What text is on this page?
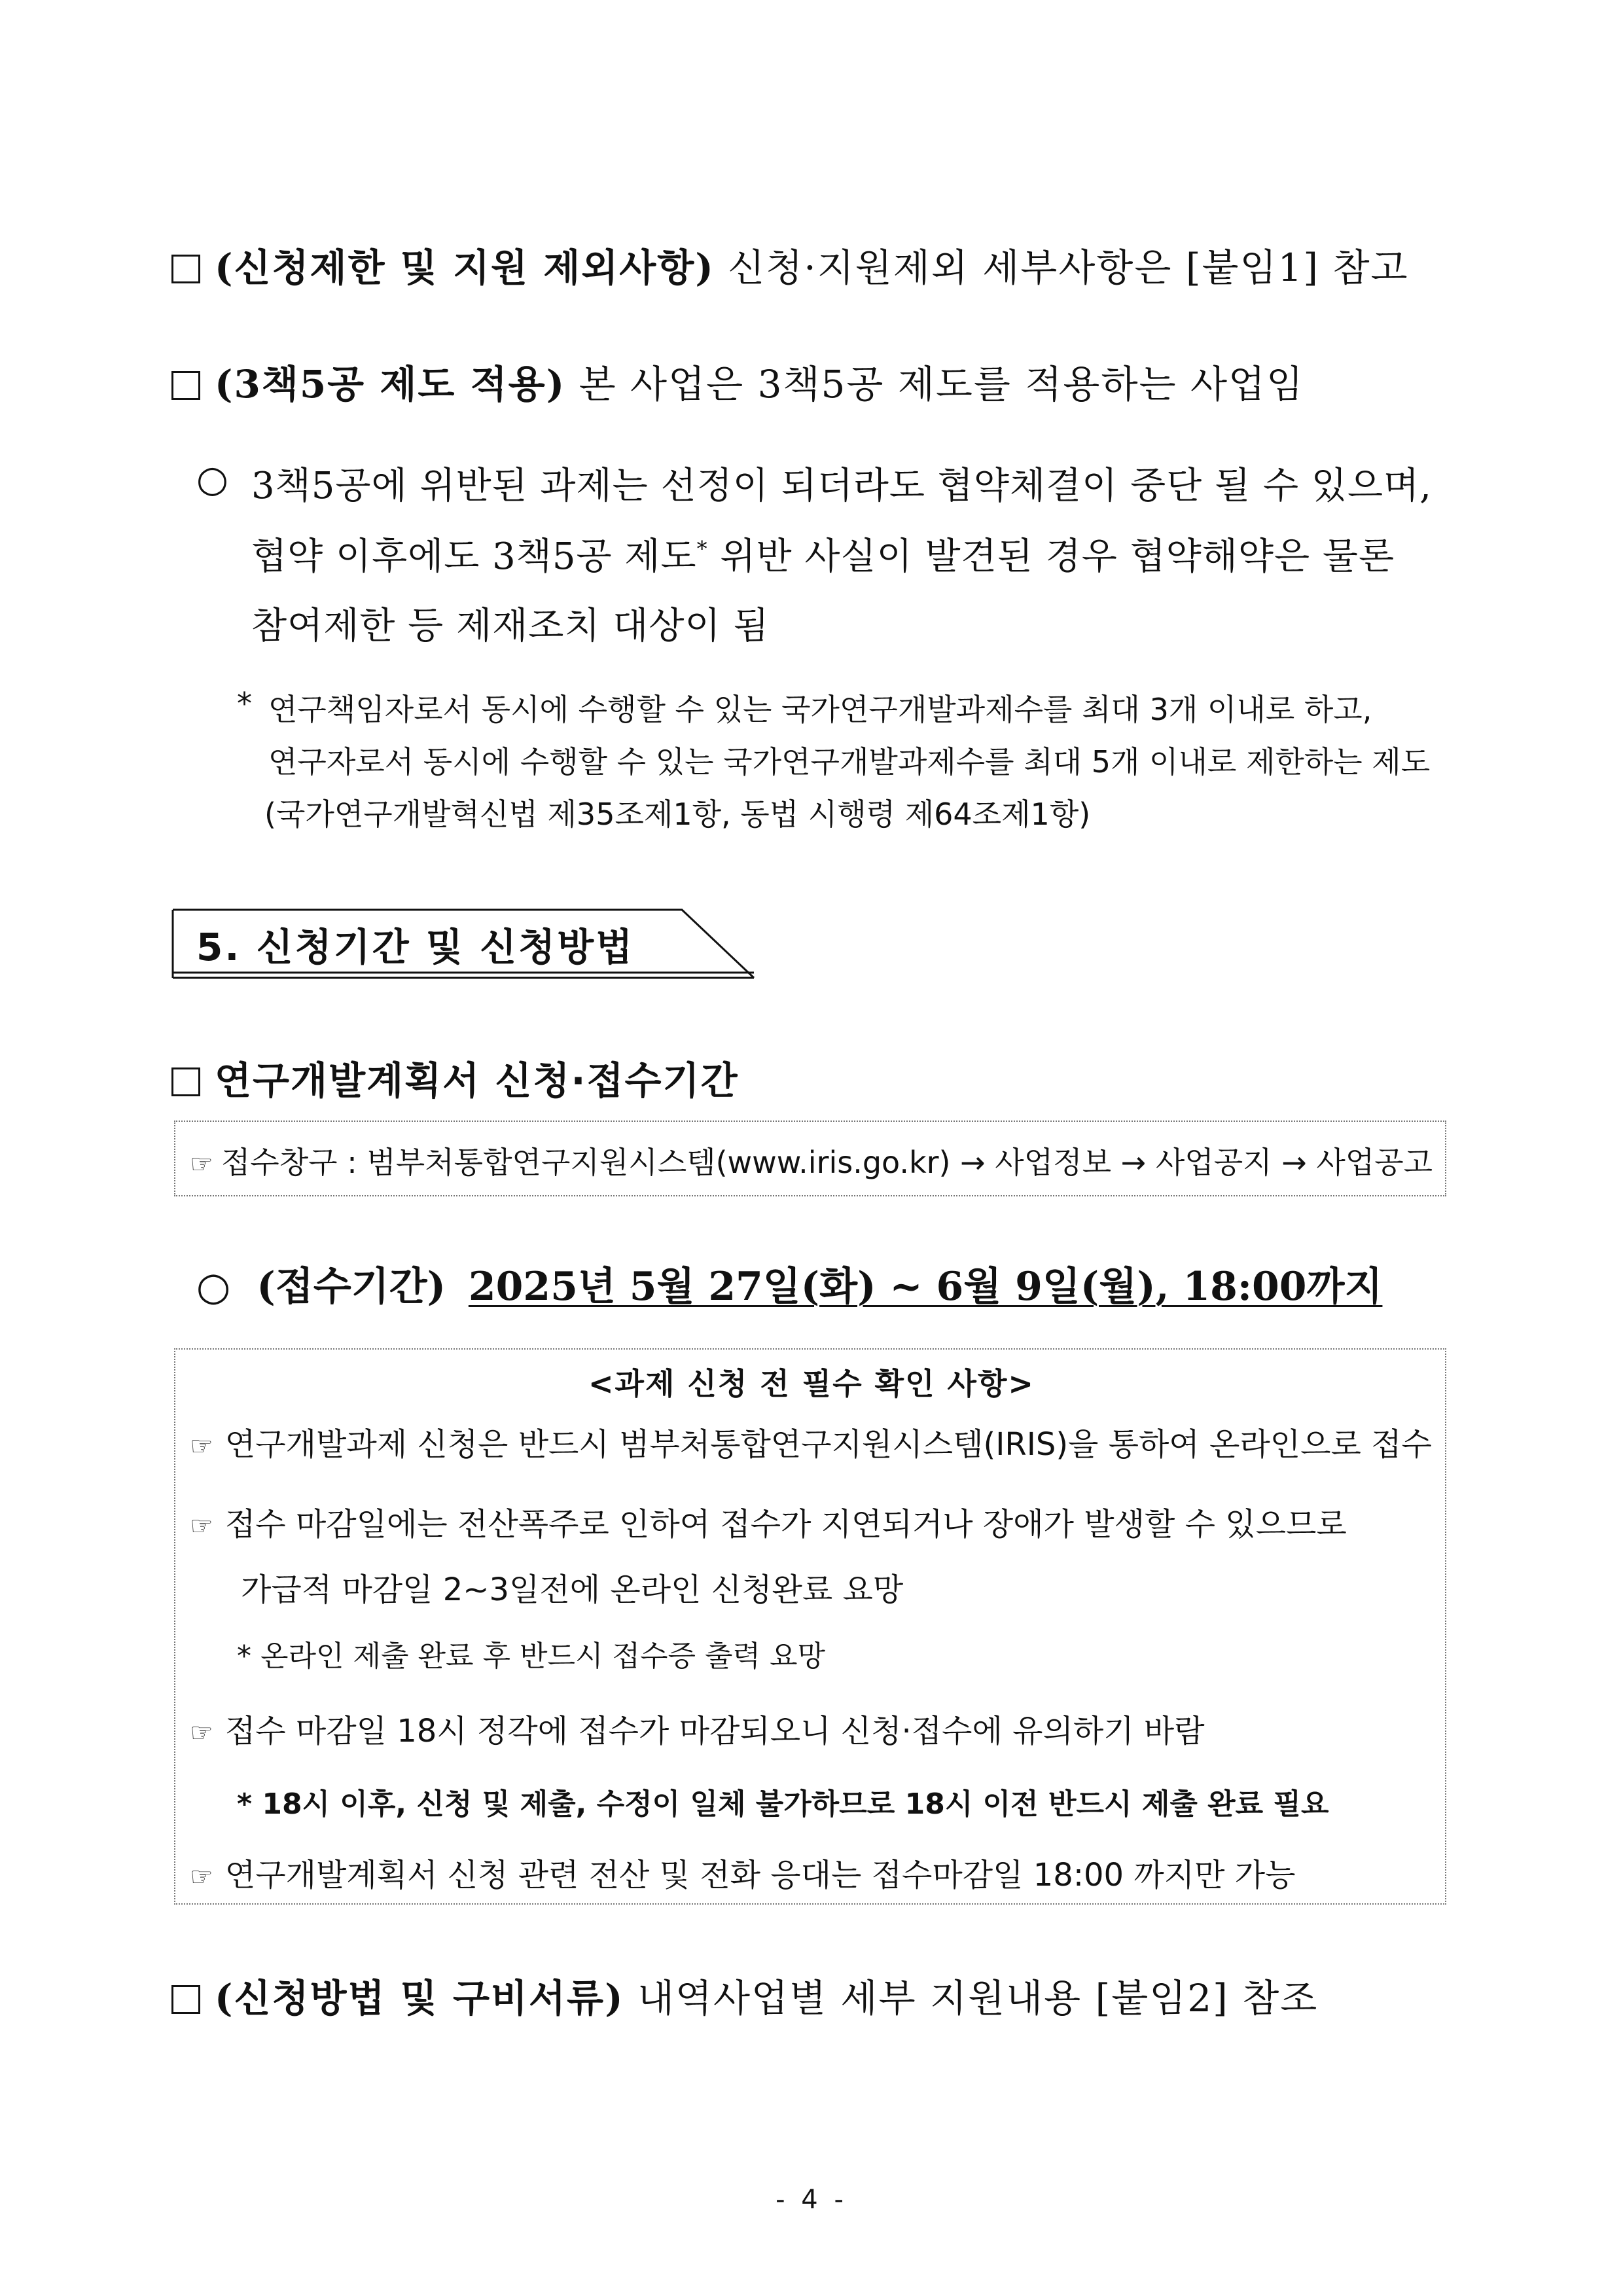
(신청제한 및 지원 제외사항) 신청·지원제외 세부사항은 [붙임1] 참고
(3책5공 제도 적용) 본 사업은 3책5공 제도를 적용하는 사업임
○ 3책5공에 위반된 과제는 선정이 되더라도 협약체결이 중단 될 수 있으며,
협약 이후에도 3책5공 제도* 위반 사실이 발견된 경우 협약해약은 물론
참여제한 등 제재조치 대상이 됨
* 연구책임자로서 동시에 수행할 수 있는 국가연구개발과제수를 최대 3개 이내로 하고,
연구자로서 동시에 수행할 수 있는 국가연구개발과제수를 최대 5개 이내로 제한하는 제도
(국가연구개발혁신법 제35조제1항, 동법 시행령 제64조제1항)
5. 신청기간 및 신청방법
연구개발계획서 신청·접수기간
☞ 접수창구 : 범부처통합연구지원시스템(www.iris.go.kr) → 사업정보 → 사업공지 → 사업공고
○ (접수기간) 2025년 5월 27일(화) ~ 6월 9일(월), 18:00까지
<과제 신청 전 필수 확인 사항>
☞ 연구개발과제 신청은 반드시 범부처통합연구지원시스템(IRIS)을 통하여 온라인으로 접수
☞ 접수 마감일에는 전산폭주로 인하여 접수가 지연되거나 장애가 발생할 수 있으므로
가급적 마감일 2~3일전에 온라인 신청완료 요망
* 온라인 제출 완료 후 반드시 접수증 출력 요망
☞ 접수 마감일 18시 정각에 접수가 마감되오니 신청·접수에 유의하기 바람
* 18시 이후, 신청 및 제출, 수정이 일체 불가하므로 18시 이전 반드시 제출 완료 필요
☞ 연구개발계획서 신청 관련 전산 및 전화 응대는 접수마감일 18:00 까지만 가능
(신청방법 및 구비서류) 내역사업별 세부 지원내용 [붙임2] 참조
- 4 -
